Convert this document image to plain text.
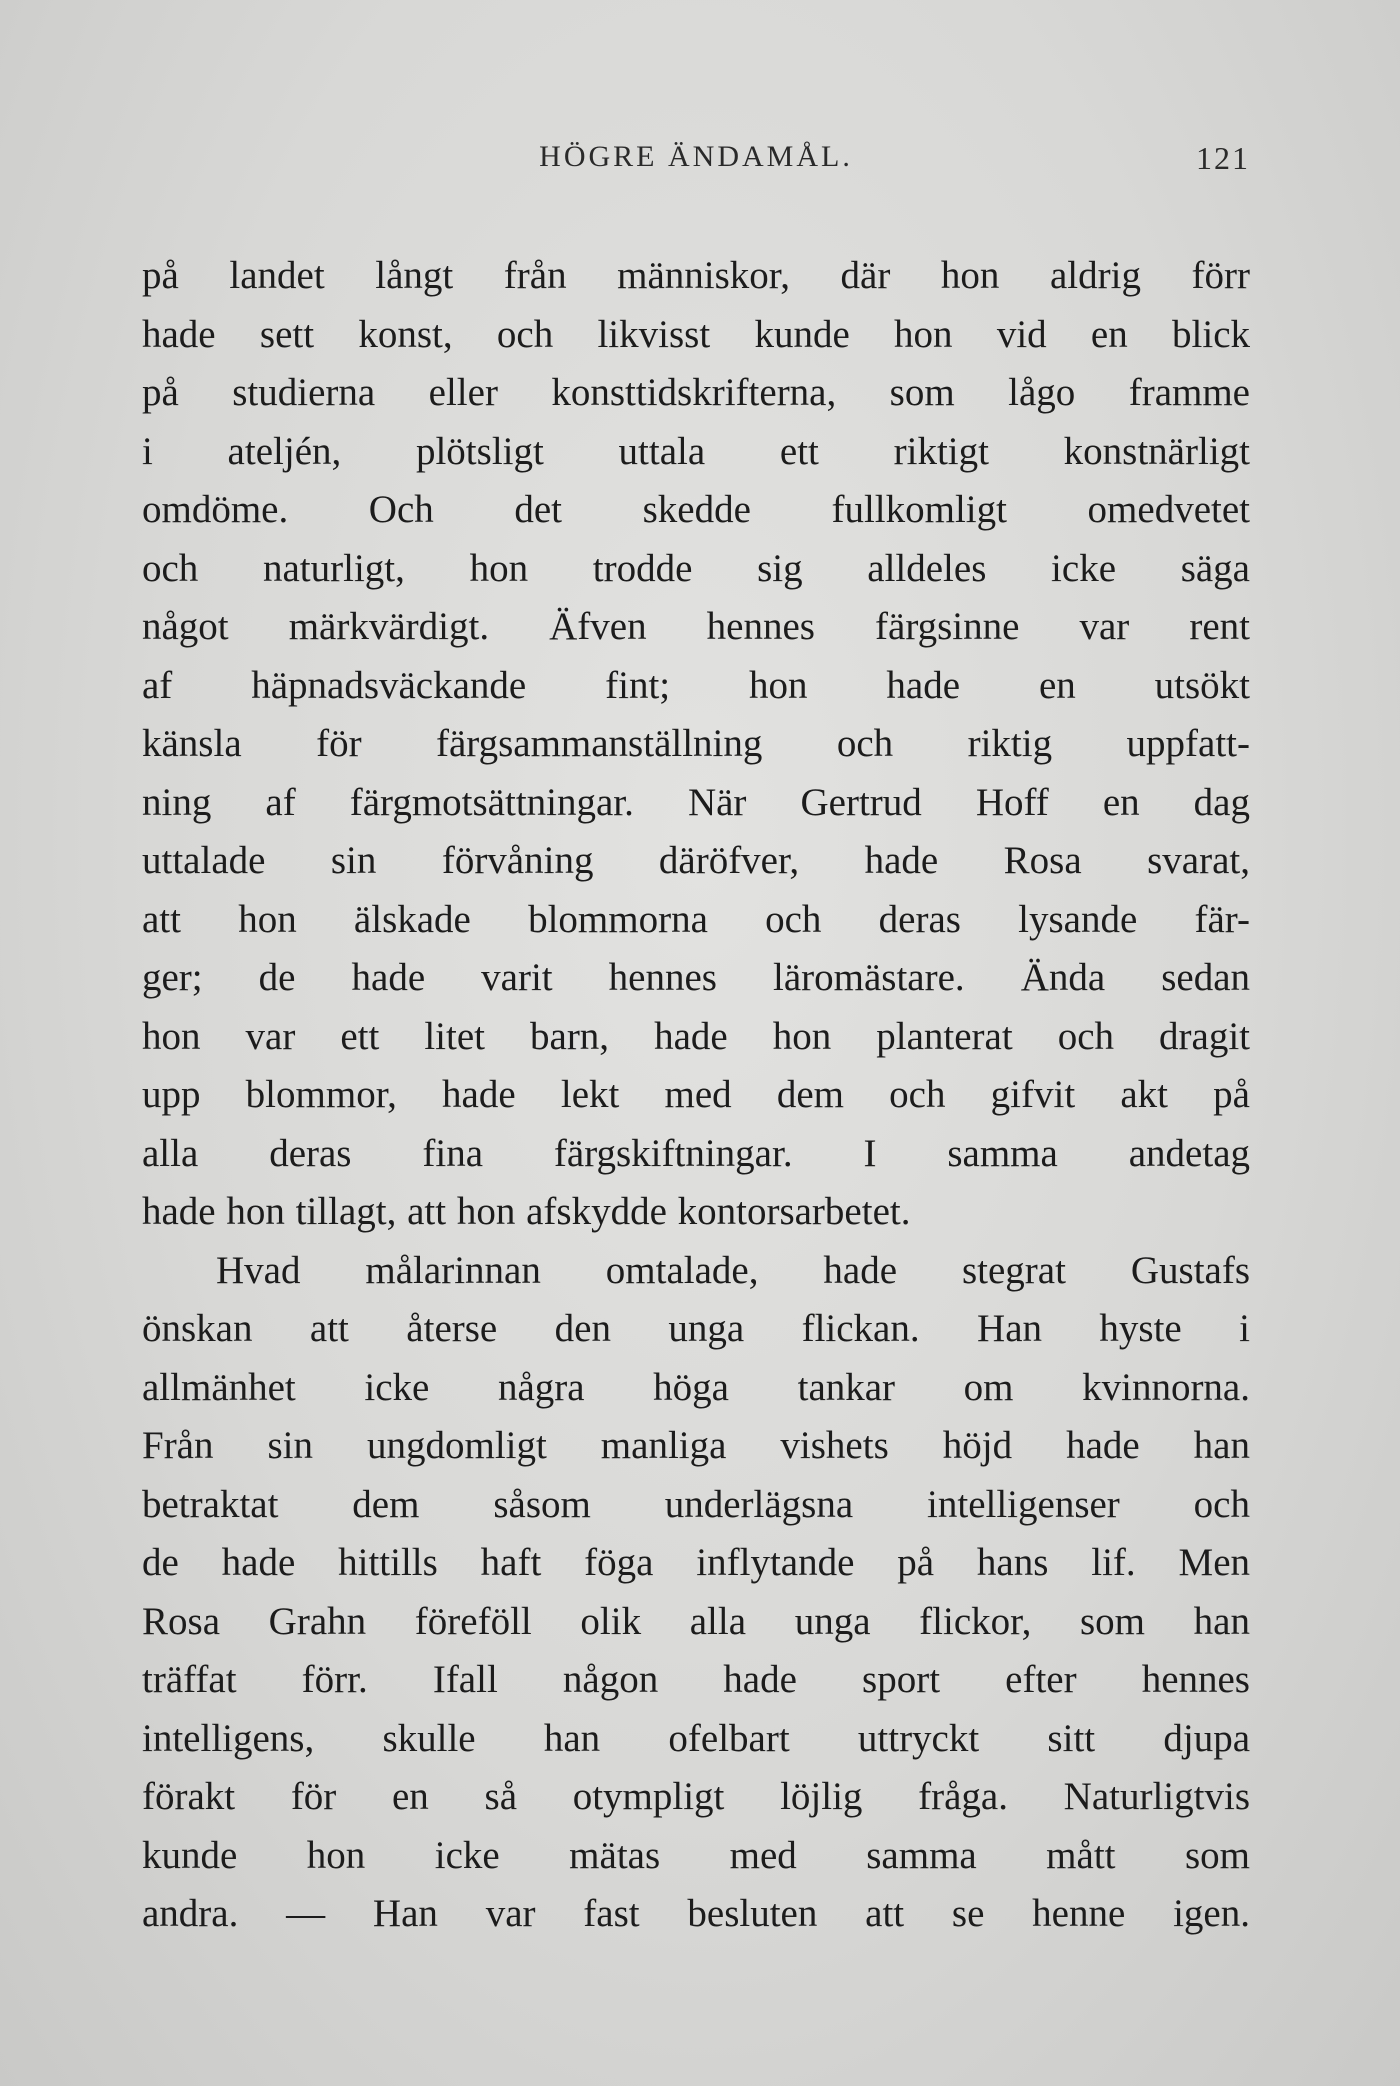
HÖGRE ÄNDAMÅL.	121
på landet långt från människor, där hon aldrig förr
hade sett konst, och likvisst kunde hon vid en blick
på studierna eller konsttidskrifterna, som lågo framme
i ateljén, plötsligt uttala ett riktigt konstnärligt
omdöme. Och det skedde fullkomligt omedvetet
och naturligt, hon trodde sig alldeles icke säga
något märkvärdigt. Äfven hennes färgsinne var rent
af häpnadsväckande fint; hon hade en utsökt
känsla för färgsammanställning och riktig uppfatt-
ning af färgmotsättningar. När Gertrud Hoff en dag
uttalade sin förvåning däröfver, hade Rosa svarat,
att hon älskade blommorna och deras lysande fär-
ger; de hade varit hennes läromästare. Ända sedan
hon var ett litet barn, hade hon planterat och dragit
upp blommor, hade lekt med dem och gifvit akt på
alla deras fina färgskiftningar. I samma andetag
hade hon tillagt, att hon afskydde kontorsarbetet.
Hvad målarinnan omtalade, hade stegrat Gustafs
önskan att återse den unga flickan. Han hyste i
allmänhet icke några höga tankar om kvinnorna.
Från sin ungdomligt manliga vishets höjd hade han
betraktat dem såsom underlägsna intelligenser och
de hade hittills haft föga inflytande på hans lif. Men
Rosa Grahn föreföll olik alla unga flickor, som han
träffat förr. Ifall någon hade sport efter hennes
intelligens, skulle han ofelbart uttryckt sitt djupa
förakt för en så otympligt löjlig fråga. Naturligtvis
kunde hon icke mätas med samma mått som
andra. — Han var fast besluten att se henne igen.
